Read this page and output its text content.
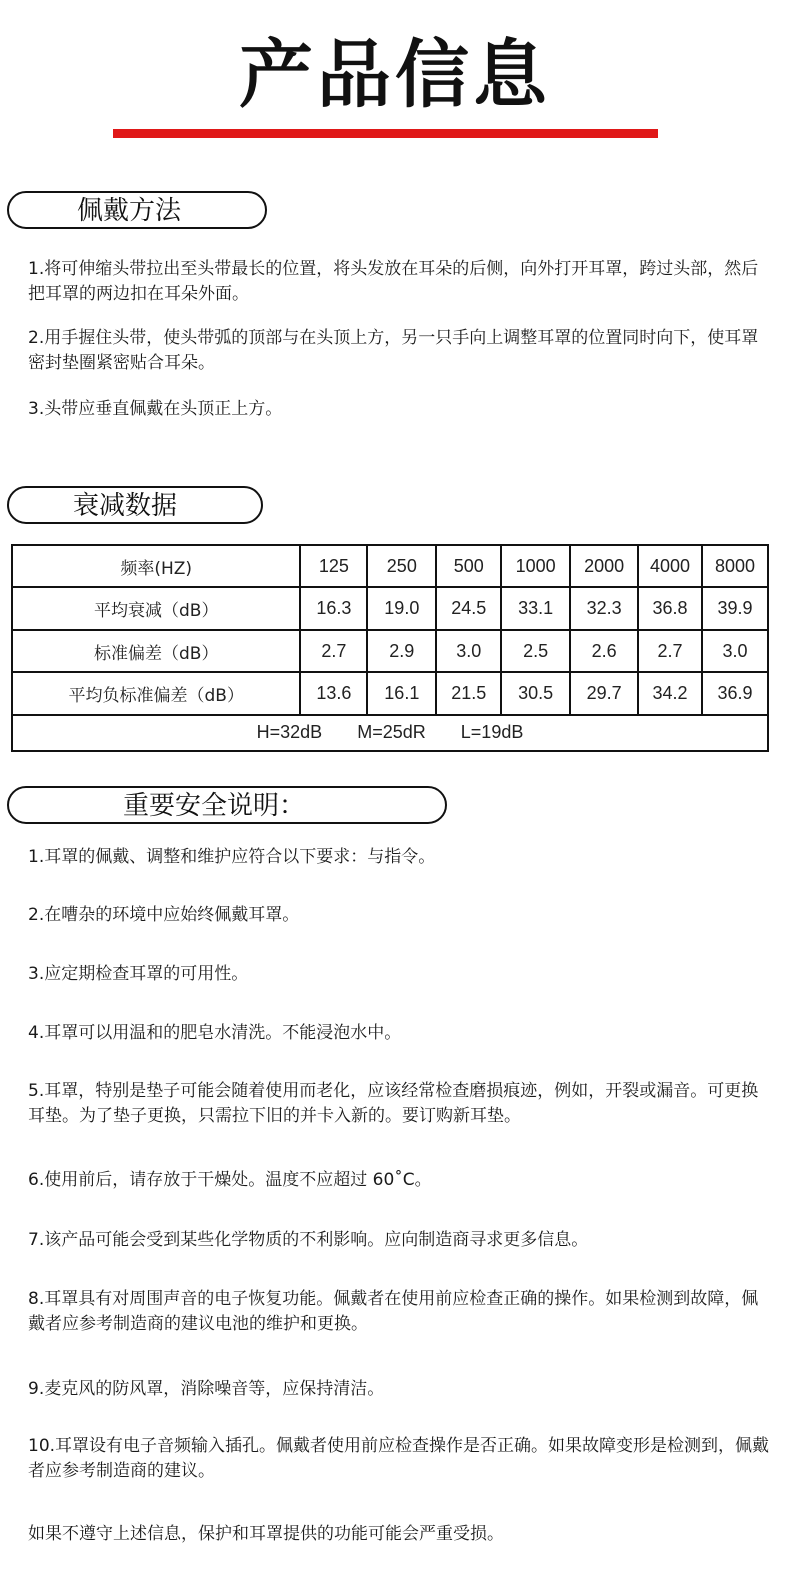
产品信息
佩戴方法

1.将可伸缩头带拉出至头带最长的位置，将头发放在耳朵的后侧，向外打开耳罩，跨过头部，然后把耳罩的两边扣在耳朵外面。

2.用手握住头带，使头带弧的顶部与在头顶上方，另一只手向上调整耳罩的位置同时向下，使耳罩密封垫圈紧密贴合耳朵。

3.头带应垂直佩戴在头顶正上方。

衰减数据
频率(HZ)	125	250	500	1000	2000	4000	8000
平均衰减（dB）	16.3	19.0	24.5	33.1	32.3	36.8	39.9
标准偏差（dB）	2.7	2.9	3.0	2.5	2.6	2.7	3.0
平均负标准偏差（dB）	13.6	16.1	21.5	30.5	29.7	34.2	36.9
H=32dB M=25dR L=19dB							
重要安全说明：

1.耳罩的佩戴、调整和维护应符合以下要求：与指令。

2.在嘈杂的环境中应始终佩戴耳罩。

3.应定期检查耳罩的可用性。

4.耳罩可以用温和的肥皂水清洗。不能浸泡水中。

5.耳罩，特别是垫子可能会随着使用而老化，应该经常检查磨损痕迹，例如，开裂或漏音。可更换耳垫。为了垫子更换，只需拉下旧的并卡入新的。要订购新耳垫。

6.使用前后，请存放于干燥处。温度不应超过 60˚C。

7.该产品可能会受到某些化学物质的不利影响。应向制造商寻求更多信息。

8.耳罩具有对周围声音的电子恢复功能。佩戴者在使用前应检查正确的操作。如果检测到故障，佩戴者应参考制造商的建议电池的维护和更换。

9.麦克风的防风罩，消除噪音等，应保持清洁。

10.耳罩设有电子音频输入插孔。佩戴者使用前应检查操作是否正确。如果故障变形是检测到，佩戴者应参考制造商的建议。

如果不遵守上述信息，保护和耳罩提供的功能可能会严重受损。
